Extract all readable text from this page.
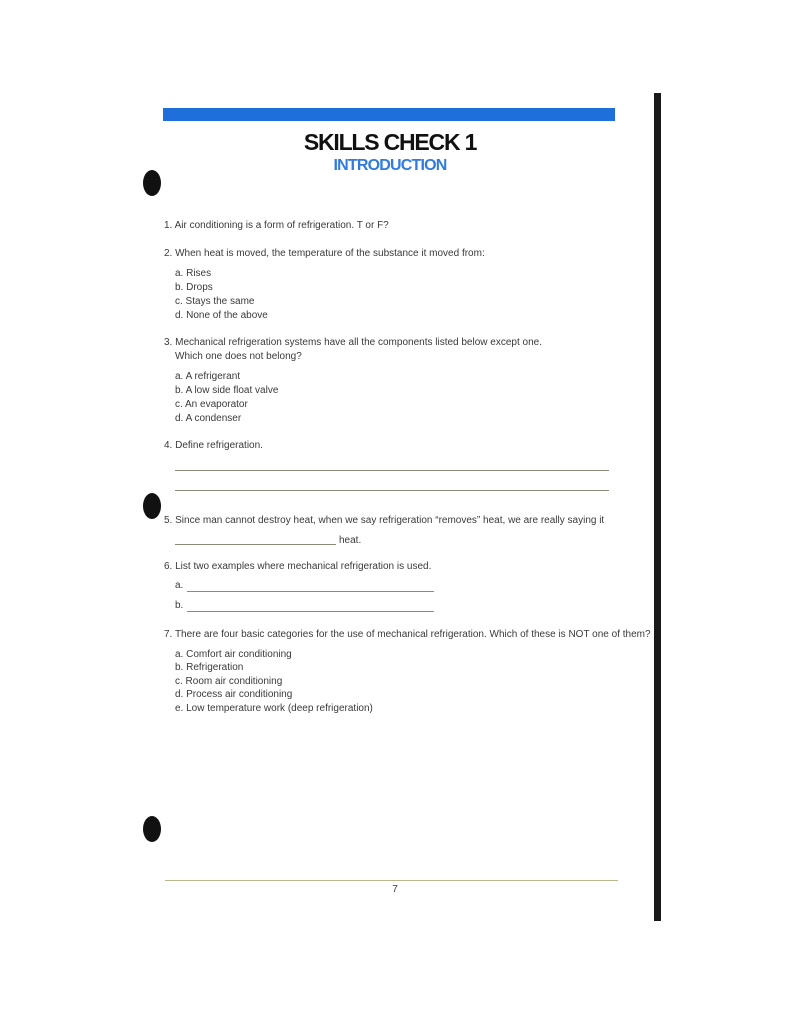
SKILLS CHECK 1
INTRODUCTION

1. Air conditioning is a form of refrigeration. T or F?

2. When heat is moved, the temperature of the substance it moved from:

a. Rises

b. Drops

c. Stays the same

d. None of the above

3. Mechanical refrigeration systems have all the components listed below except one.

Which one does not belong?

a. A refrigerant

b. A low side float valve

c. An evaporator

d. A condenser

4. Define refrigeration.

5. Since man cannot destroy heat, when we say refrigeration “removes” heat, we are really saying it

heat.

6. List two examples where mechanical refrigeration is used.

a.

b.

7. There are four basic categories for the use of mechanical refrigeration. Which of these is NOT one of them?

a. Comfort air conditioning

b. Refrigeration

c. Room air conditioning

d. Process air conditioning

e. Low temperature work (deep refrigeration)

7
